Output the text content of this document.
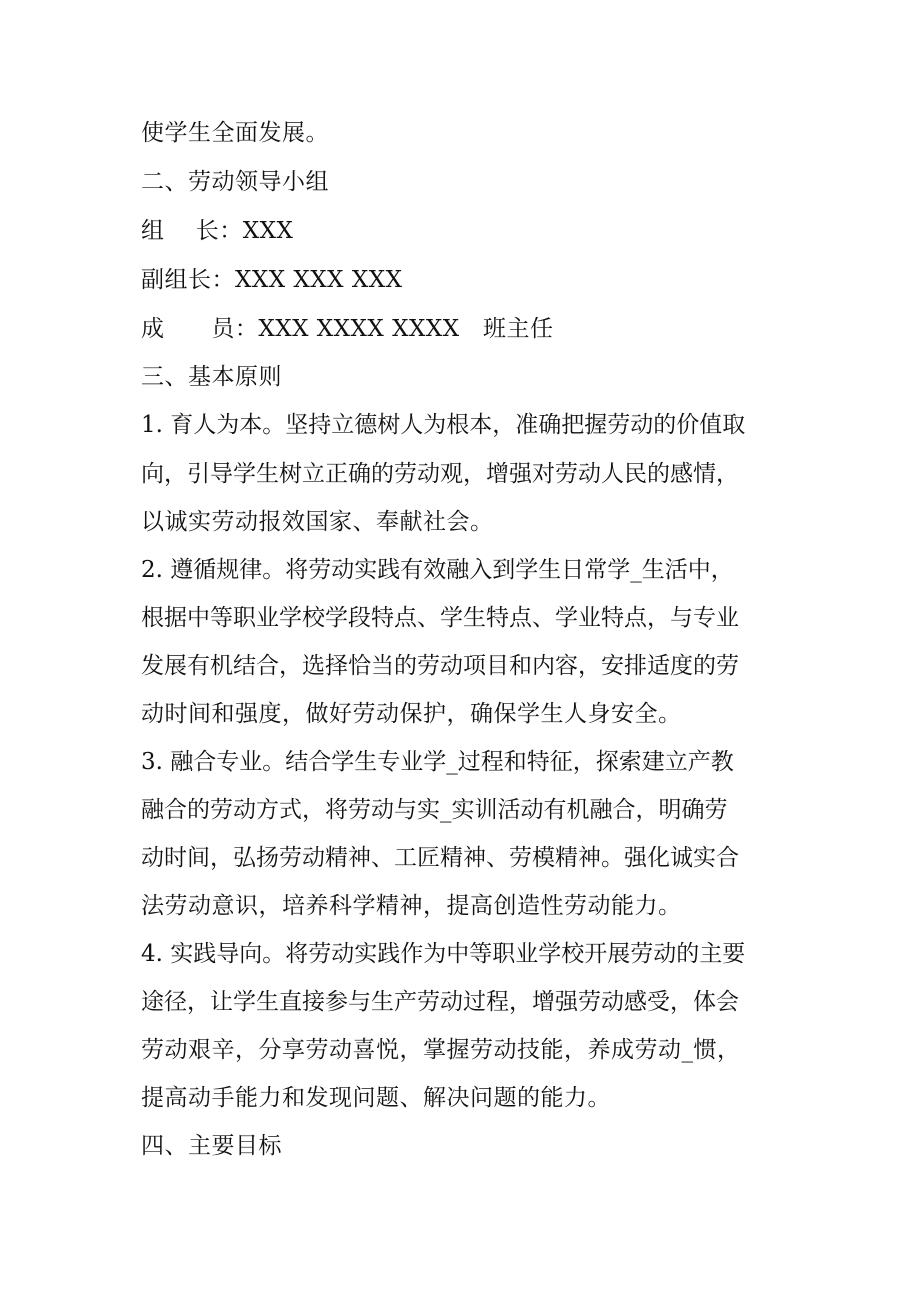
使学生全面发展。
二、劳动领导小组
组    长：XXX
副组长：XXX XXX XXX
成      员：XXX XXXX XXXX   班主任
三、基本原则
1. 育人为本。坚持立德树人为根本，准确把握劳动的价值取
向，引导学生树立正确的劳动观，增强对劳动人民的感情，
以诚实劳动报效国家、奉献社会。
2. 遵循规律。将劳动实践有效融入到学生日常学_生活中，
根据中等职业学校学段特点、学生特点、学业特点，与专业
发展有机结合，选择恰当的劳动项目和内容，安排适度的劳
动时间和强度，做好劳动保护，确保学生人身安全。
3. 融合专业。结合学生专业学_过程和特征，探索建立产教
融合的劳动方式，将劳动与实_实训活动有机融合，明确劳
动时间，弘扬劳动精神、工匠精神、劳模精神。强化诚实合
法劳动意识，培养科学精神，提高创造性劳动能力。
4. 实践导向。将劳动实践作为中等职业学校开展劳动的主要
途径，让学生直接参与生产劳动过程，增强劳动感受，体会
劳动艰辛，分享劳动喜悦，掌握劳动技能，养成劳动_惯，
提高动手能力和发现问题、解决问题的能力。
四、主要目标
